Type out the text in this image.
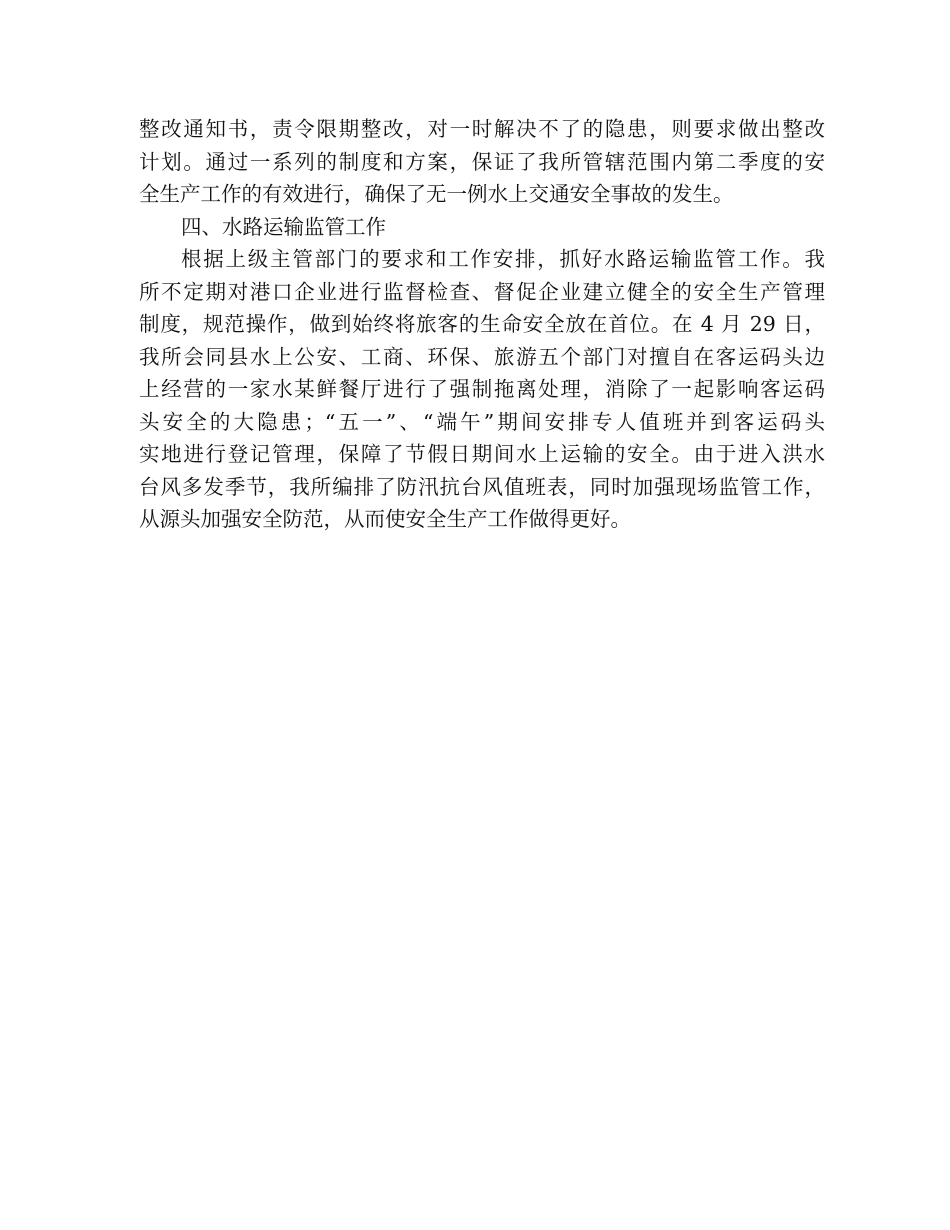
整改通知书，责令限期整改，对一时解决不了的隐患，则要求做出整改
计划。通过一系列的制度和方案，保证了我所管辖范围内第二季度的安
全生产工作的有效进行，确保了无一例水上交通安全事故的发生。
四、水路运输监管工作
根据上级主管部门的要求和工作安排，抓好水路运输监管工作。我
所不定期对港口企业进行监督检查、督促企业建立健全的安全生产管理
制度，规范操作，做到始终将旅客的生命安全放在首位。在 4 月 29 日，
我所会同县水上公安、工商、环保、旅游五个部门对擅自在客运码头边
上经营的一家水某鲜餐厅进行了强制拖离处理，消除了一起影响客运码
头安全的大隐患；“五一”、“端午”期间安排专人值班并到客运码头
实地进行登记管理，保障了节假日期间水上运输的安全。由于进入洪水
台风多发季节，我所编排了防汛抗台风值班表，同时加强现场监管工作，
从源头加强安全防范，从而使安全生产工作做得更好。
